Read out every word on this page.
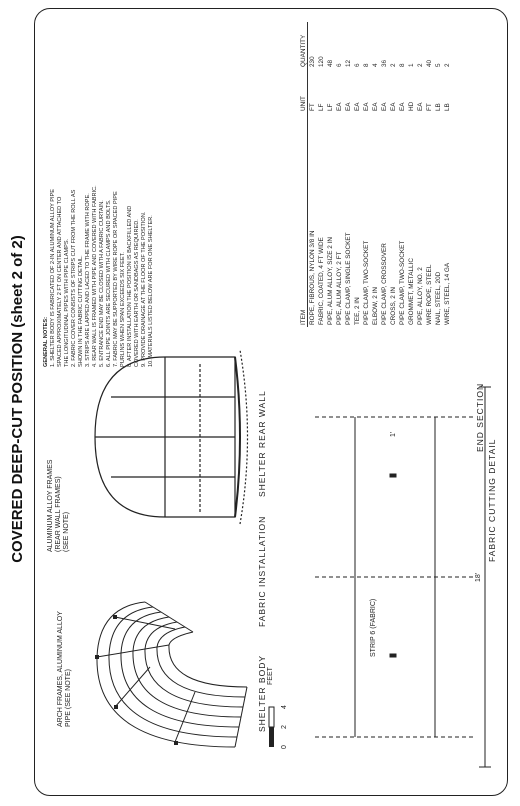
COVERED DEEP-CUT POSITION (sheet 2 of 2)
SHELTER BODY
FABRIC INSTALLATION
SHELTER REAR WALL	END SECTION
FABRIC CUTTING DETAIL
FEET
0
2
4
ARCH FRAMES, ALUMINUM ALLOY PIPE (SEE NOTE)
ALUMINUM ALLOY FRAMES (REAR WALL FRAMES) (SEE NOTE)
STRIP 6 (FABRIC)
18'
1'
GENERAL NOTES: 1. SHELTER BODY IS FABRICATED OF 2-IN ALUMINUM ALLOY PIPE SPACED APPROXIMATELY 2 FT ON CENTER AND ATTACHED TO THE LONGITUDINAL PIPES WITH PIPE CLAMPS. 2. FABRIC COVER CONSISTS OF STRIPS CUT FROM THE ROLL AS SHOWN IN THE FABRIC CUTTING DETAIL. 3. STRIPS ARE LAPPED AND LACED TO THE FRAME WITH ROPE. 4. REAR WALL IS FRAMED WITH PIPE AND COVERED WITH FABRIC. 5. ENTRANCE END MAY BE CLOSED WITH A FABRIC CURTAIN. 6. ALL PIPE JOINTS ARE SECURED WITH CLAMPS AND BOLTS. 7. FABRIC MAY BE SUPPORTED BY WIRE ROPE OR SPACED PIPE PURLINS WHEN SPAN EXCEEDS SIX FEET. 8. AFTER INSTALLATION THE POSITION IS BACKFILLED AND COVERED WITH EARTH OR SANDBAGS AS REQUIRED. 9. PROVIDE DRAINAGE AT THE FLOOR OF THE POSITION. 10. MATERIALS LISTED BELOW ARE FOR ONE SHELTER.	ITEM	UNIT	QUANTITY
ROPE, FIBROUS, NYLON 3/8 IN	FT	230
FABRIC, COATED, 4 FT WIDE	LF	120
PIPE, ALUM ALLOY, SIZE 2 IN	LF	48
PIPE, ALUM ALLOY, 2 FT	EA	6
PIPE CLAMP, SINGLE SOCKET	EA	12
TEE, 2 IN	EA	6
PIPE CLAMP, TWO-SOCKET	EA	8
ELBOW, 2 IN	EA	4
PIPE CLAMP, CROSSOVER	EA	36
CROSS, 2 IN	EA	2
PIPE CLAMP, TWO-SOCKET	EA	8
GROMMET, METALLIC	HD	1
PIPE, ALLOY, NO. 2	EA	2
WIRE ROPE, STEEL	FT	40
NAIL, STEEL, 20D	LB	5
WIRE, STEEL, 14 GA	LB	2
